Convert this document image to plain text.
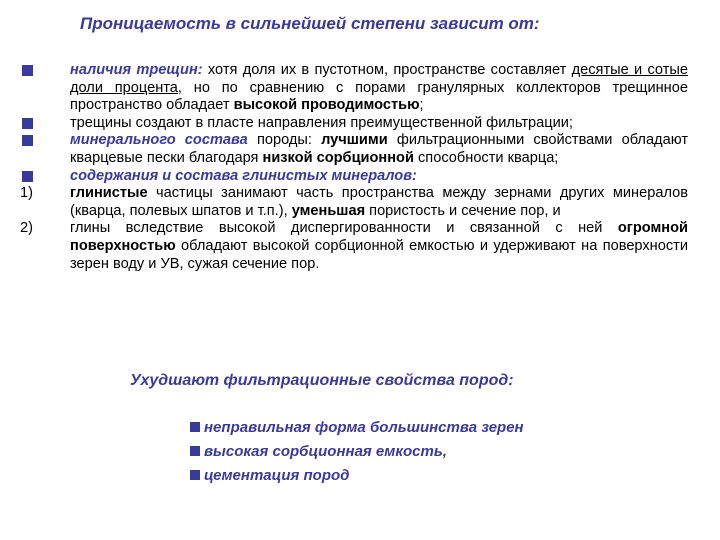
Проницаемость в сильнейшей степени зависит от:
наличия трещин: хотя доля их в пустотном, пространстве составляет десятые и сотые доли процента, но по сравнению с порами гранулярных коллекторов трещинное пространство обладает высокой проводимостью;
трещины создают в пласте направления преимущественной фильтрации;
минерального состава породы: лучшими фильтрационными свойствами обладают кварцевые пески благодаря низкой сорбционной способности кварца;
содержания и состава глинистых минералов:
1)	глинистые частицы занимают часть пространства между зернами других минералов (кварца, полевых шпатов и т.п.), уменьшая пористость и сечение пор, и
2)	глины вследствие высокой диспергированности и связанной с ней огромной поверхностью обладают высокой сорбционной емкостью и удерживают на поверхности зерен воду и УВ, сужая сечение пор.
Ухудшают фильтрационные свойства пород:
неправильная форма большинства зерен
высокая сорбционная емкость,
цементация пород
